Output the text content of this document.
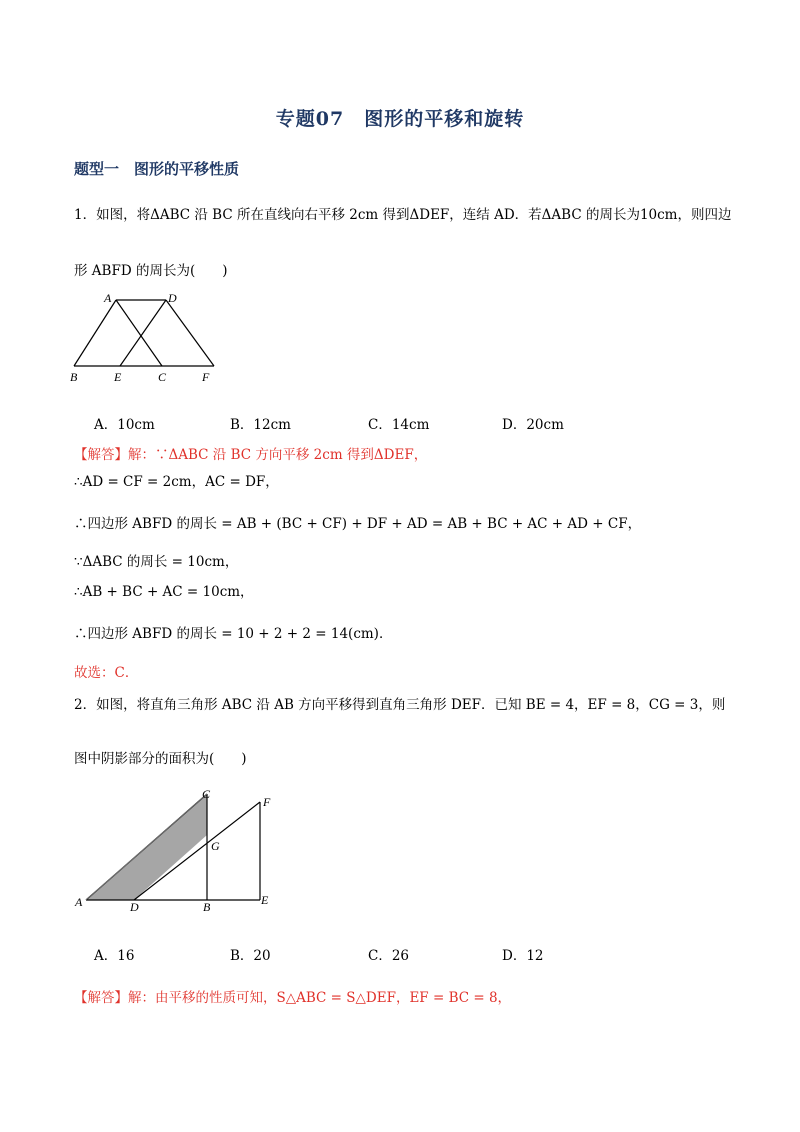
专题07　图形的平移和旋转
题型一　图形的平移性质
1．如图，将ΔABC 沿 BC 所在直线向右平移 2cm 得到ΔDEF，连结 AD．若ΔABC 的周长为10cm，则四边
形 ABFD 的周长为(　　)
A	D
B	E	C	F
A．10cm	B．12cm	C．14cm	D．20cm
【解答】解：∵ΔABC 沿 BC 方向平移 2cm 得到ΔDEF，
∴AD = CF = 2cm，AC = DF，
∴四边形 ABFD 的周长 = AB + (BC + CF) + DF + AD = AB + BC + AC + AD + CF，
∵ΔABC 的周长 = 10cm，
∴AB + BC + AC = 10cm，
∴四边形 ABFD 的周长 = 10 + 2 + 2 = 14(cm)．
故选：C．
2．如图，将直角三角形 ABC 沿 AB 方向平移得到直角三角形 DEF．已知 BE = 4，EF = 8，CG = 3，则
图中阴影部分的面积为(　　)
C
F
G
A	D	B	E
A．16	B．20	C．26	D．12
【解答】解：由平移的性质可知，S△ABC = S△DEF，EF = BC = 8，
